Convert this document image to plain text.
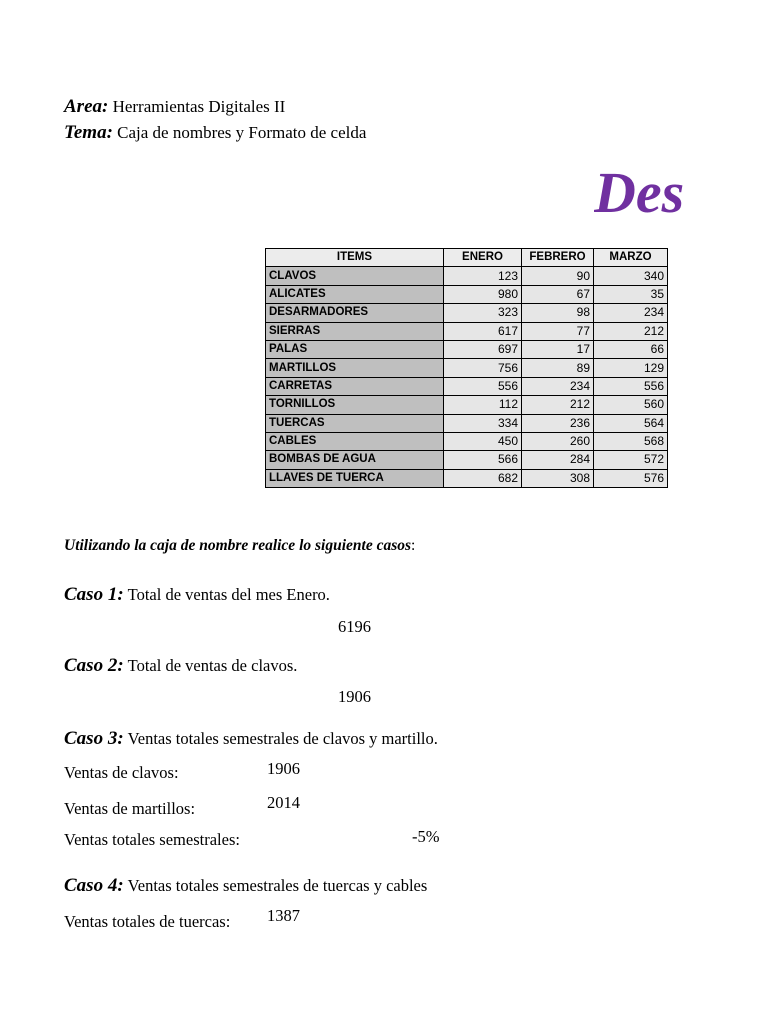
Area: Herramientas Digitales II
Tema: Caja de nombres y Formato de celda
Des
ITEMS	ENERO	FEBRERO	MARZO
CLAVOS	123	90	340
ALICATES	980	67	35
DESARMADORES	323	98	234
SIERRAS	617	77	212
PALAS	697	17	66
MARTILLOS	756	89	129
CARRETAS	556	234	556
TORNILLOS	112	212	560
TUERCAS	334	236	564
CABLES	450	260	568
BOMBAS DE AGUA	566	284	572
LLAVES DE TUERCA	682	308	576
Utilizando la caja de nombre realice lo siguiente casos:
Caso 1: Total de ventas del mes Enero.
6196
Caso 2: Total de ventas de clavos.
1906
Caso 3: Ventas totales semestrales de clavos y martillo.
Ventas de clavos:	1906
Ventas de martillos:	2014
Ventas totales semestrales:	-5%
Caso 4: Ventas totales semestrales de tuercas y cables
Ventas totales de tuercas: 1387
